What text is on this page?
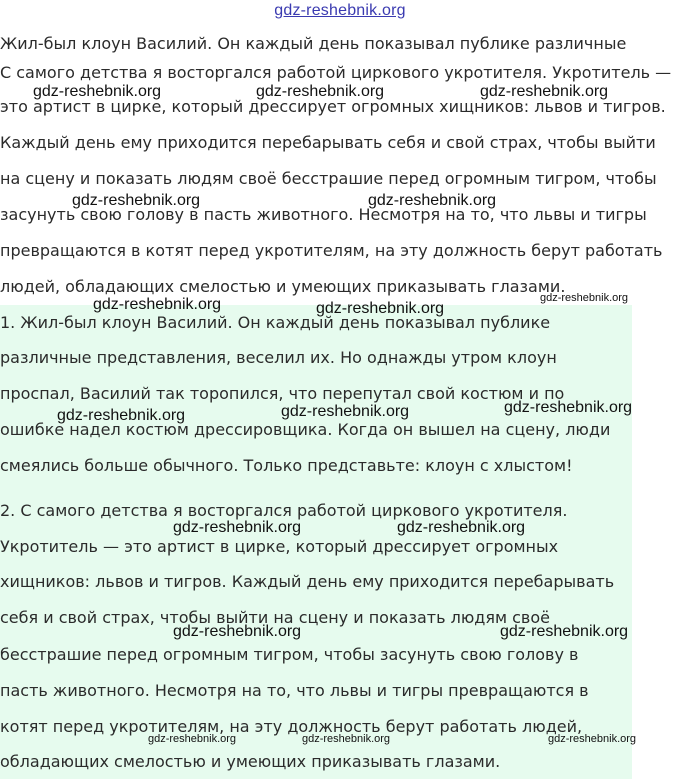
gdz-reshebnik.org

Жил-был клоун Василий. Он каждый день показывал публике различные

С самого детства я восторгался работой циркового укротителя. Укротитель —

это артист в цирке, который дрессирует огромных хищников: львов и тигров.

Каждый день ему приходится перебарывать себя и свой страх, чтобы выйти

на сцену и показать людям своё бесстрашие перед огромным тигром, чтобы

засунуть свою голову в пасть животного. Несмотря на то, что львы и тигры

превращаются в котят перед укротителям, на эту должность берут работать

людей, обладающих смелостью и умеющих приказывать глазами.

1. Жил-был клоун Василий. Он каждый день показывал публике

различные представления, веселил их. Но однажды утром клоун

проспал, Василий так торопился, что перепутал свой костюм и по

ошибке надел костюм дрессировщика. Когда он вышел на сцену, люди

смеялись больше обычного. Только представьте: клоун с хлыстом!

2. С самого детства я восторгался работой циркового укротителя.

Укротитель — это артист в цирке, который дрессирует огромных

хищников: львов и тигров. Каждый день ему приходится перебарывать

себя и свой страх, чтобы выйти на сцену и показать людям своё

бесстрашие перед огромным тигром, чтобы засунуть свою голову в

пасть животного. Несмотря на то, что львы и тигры превращаются в

котят перед укротителям, на эту должность берут работать людей,

обладающих смелостью и умеющих приказывать глазами.

gdz-reshebnik.org	gdz-reshebnik.org	gdz-reshebnik.org
gdz-reshebnik.org	gdz-reshebnik.org
gdz-reshebnik.org	gdz-reshebnik.org
gdz-reshebnik.org
gdz-reshebnik.org	gdz-reshebnik.org	gdz-reshebnik.org
gdz-reshebnik.org	gdz-reshebnik.org
gdz-reshebnik.org	gdz-reshebnik.org
gdz-reshebnik.org	gdz-reshebnik.org	gdz-reshebnik.org
